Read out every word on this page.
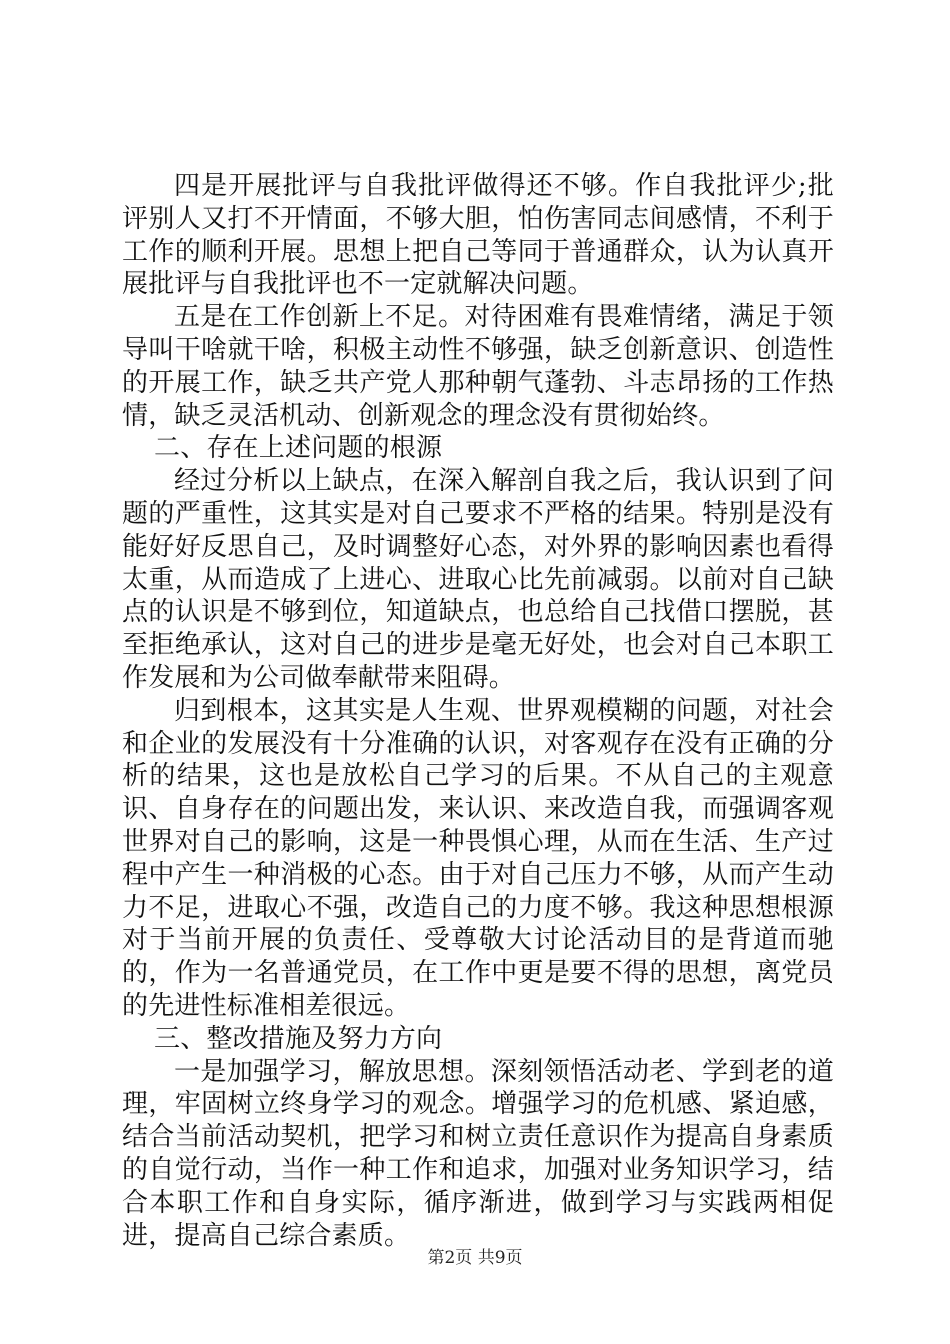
四是开展批评与自我批评做得还不够。作自我批评少;批评别人又打不开情面，不够大胆，怕伤害同志间感情，不利于工作的顺利开展。思想上把自己等同于普通群众，认为认真开展批评与自我批评也不一定就解决问题。

五是在工作创新上不足。对待困难有畏难情绪，满足于领导叫干啥就干啥，积极主动性不够强，缺乏创新意识、创造性的开展工作，缺乏共产党人那种朝气蓬勃、斗志昂扬的工作热情，缺乏灵活机动、创新观念的理念没有贯彻始终。

二、存在上述问题的根源

经过分析以上缺点，在深入解剖自我之后，我认识到了问题的严重性，这其实是对自己要求不严格的结果。特别是没有能好好反思自己，及时调整好心态，对外界的影响因素也看得太重，从而造成了上进心、进取心比先前减弱。以前对自己缺点的认识是不够到位，知道缺点，也总给自己找借口摆脱，甚至拒绝承认，这对自己的进步是毫无好处，也会对自己本职工作发展和为公司做奉献带来阻碍。

归到根本，这其实是人生观、世界观模糊的问题，对社会和企业的发展没有十分准确的认识，对客观存在没有正确的分析的结果，这也是放松自己学习的后果。不从自己的主观意识、自身存在的问题出发，来认识、来改造自我，而强调客观世界对自己的影响，这是一种畏惧心理，从而在生活、生产过程中产生一种消极的心态。由于对自己压力不够，从而产生动力不足，进取心不强，改造自己的力度不够。我这种思想根源对于当前开展的负责任、受尊敬大讨论活动目的是背道而驰的，作为一名普通党员，在工作中更是要不得的思想，离党员的先进性标准相差很远。

三、整改措施及努力方向

一是加强学习，解放思想。深刻领悟活动老、学到老的道理，牢固树立终身学习的观念。增强学习的危机感、紧迫感，结合当前活动契机，把学习和树立责任意识作为提高自身素质的自觉行动，当作一种工作和追求，加强对业务知识学习，结合本职工作和自身实际，循序渐进，做到学习与实践两相促进，提高自己综合素质。

第2页 共9页
